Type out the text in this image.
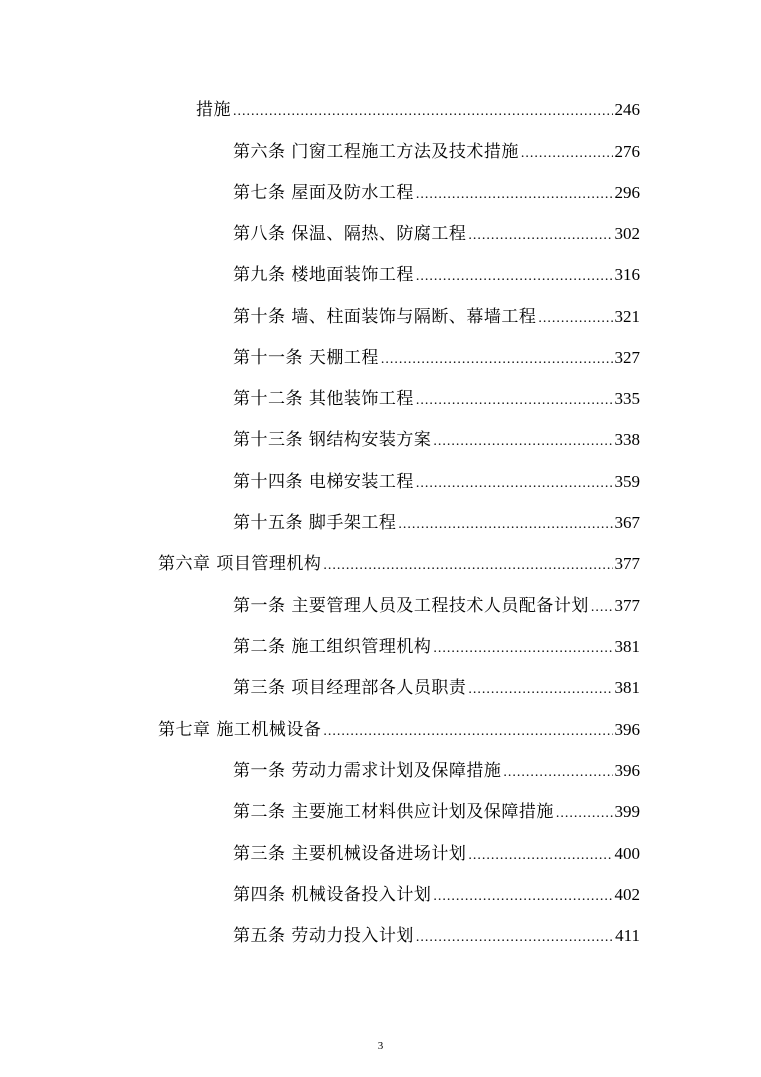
措施 .....	246
第六条 门窗工程施工方法及技术措施 .....	276
第七条 屋面及防水工程 .....	296
第八条 保温、隔热、防腐工程 .....	302
第九条 楼地面装饰工程 .....	316
第十条 墙、柱面装饰与隔断、幕墙工程 .....	321
第十一条 天棚工程 .....	327
第十二条 其他装饰工程 .....	335
第十三条 钢结构安装方案 .....	338
第十四条 电梯安装工程 .....	359
第十五条 脚手架工程 .....	367
第六章 项目管理机构 .....	377
第一条 主要管理人员及工程技术人员配备计划 ..... 377
第二条 施工组织管理机构 .....	381
第三条 项目经理部各人员职责 .....	381
第七章 施工机械设备 .....	396
第一条 劳动力需求计划及保障措施 .....	396
第二条 主要施工材料供应计划及保障措施 .....	399
第三条 主要机械设备进场计划 .....	400
第四条 机械设备投入计划 .....	402
第五条 劳动力投入计划 .....	411
3
